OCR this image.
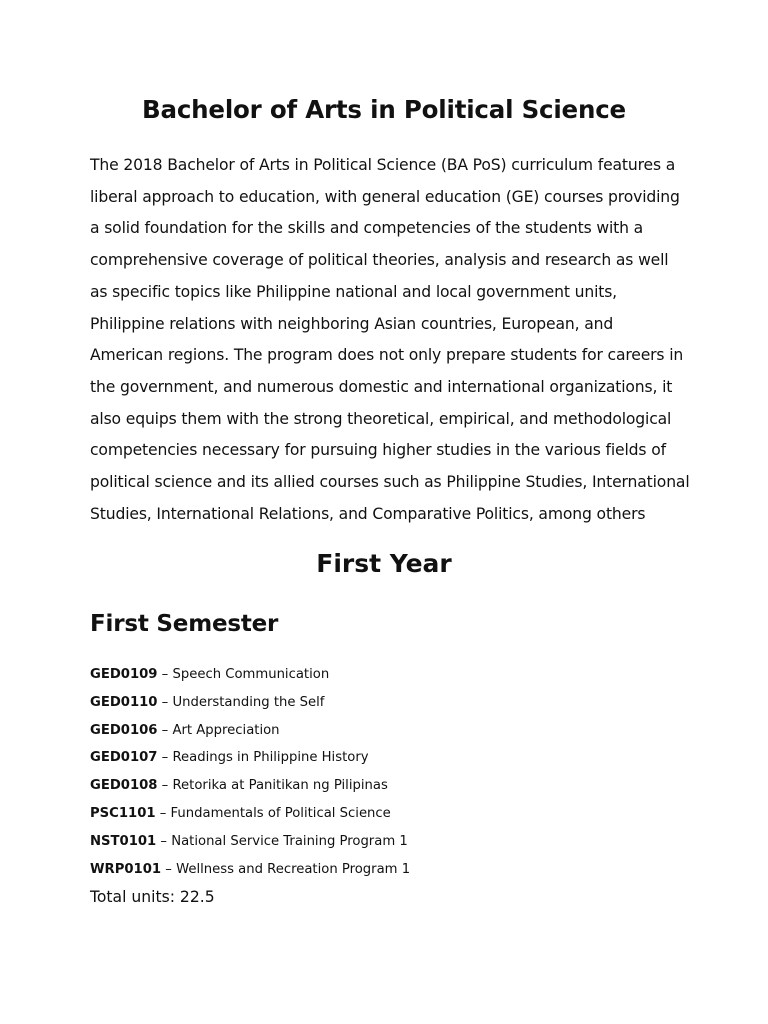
Bachelor of Arts in Political Science

The 2018 Bachelor of Arts in Political Science (BA PoS) curriculum features a liberal approach to education, with general education (GE) courses providing a solid foundation for the skills and competencies of the students with a comprehensive coverage of political theories, analysis and research as well as specific topics like Philippine national and local government units, Philippine relations with neighboring Asian countries, European, and American regions. The program does not only prepare students for careers in the government, and numerous domestic and international organizations, it also equips them with the strong theoretical, empirical, and methodological competencies necessary for pursuing higher studies in the various fields of political science and its allied courses such as Philippine Studies, International Studies, International Relations, and Comparative Politics, among others

First Year
First Semester
GED0109 – Speech Communication
GED0110 – Understanding the Self
GED0106 – Art Appreciation
GED0107 – Readings in Philippine History
GED0108 – Retorika at Panitikan ng Pilipinas
PSC1101 – Fundamentals of Political Science
NST0101 – National Service Training Program 1
WRP0101 – Wellness and Recreation Program 1

Total units: 22.5
